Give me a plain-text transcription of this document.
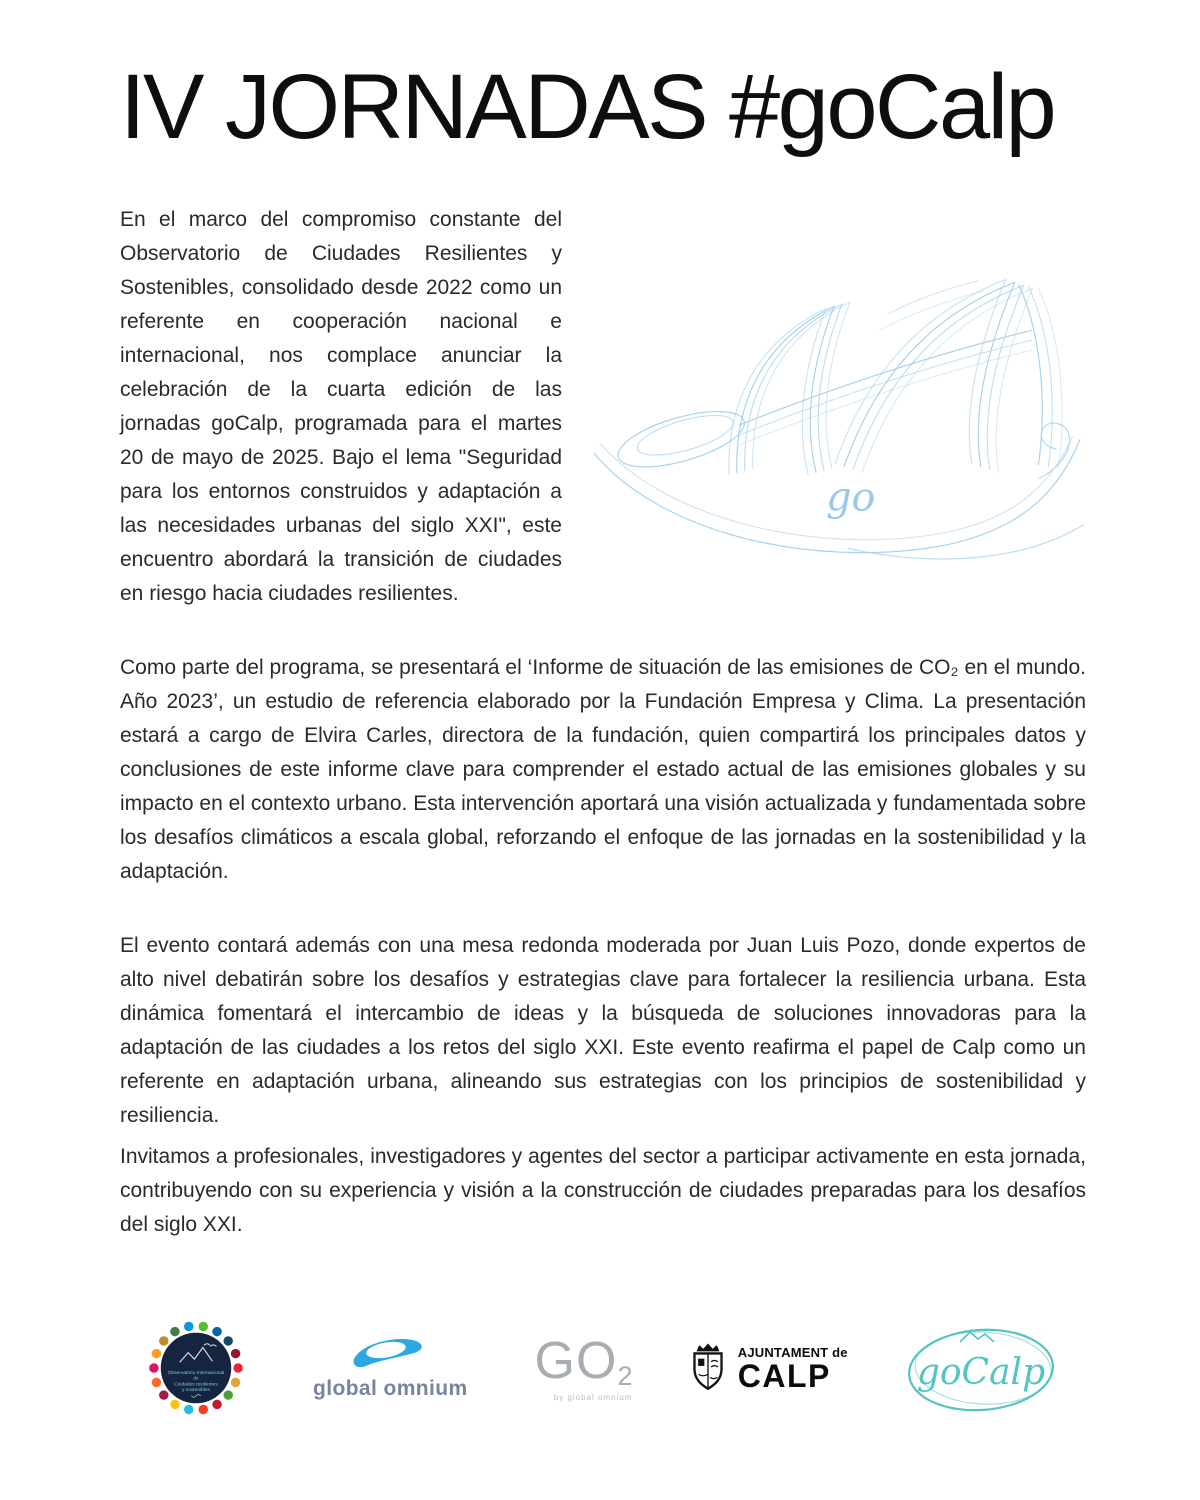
IV JORNADAS #goCalp

En el marco del compromiso constante del Observatorio de Ciudades Resilientes y Sostenibles, consolidado desde 2022 como un referente en cooperación nacional e internacional, nos complace anunciar la celebración de la cuarta edición de las jornadas goCalp, programada para el martes 20 de mayo de 2025. Bajo el lema "Seguridad para los entornos construidos y adaptación a las necesidades urbanas del siglo XXI", este encuentro abordará la transición de ciudades en riesgo hacia ciudades resilientes.

go

Como parte del programa, se presentará el ‘Informe de situación de las emisiones de CO₂ en el mundo. Año 2023’, un estudio de referencia elaborado por la Fundación Empresa y Clima. La presentación estará a cargo de Elvira Carles, directora de la fundación, quien compartirá los principales datos y conclusiones de este informe clave para comprender el estado actual de las emisiones globales y su impacto en el contexto urbano. Esta intervención aportará una visión actualizada y fundamentada sobre los desafíos climáticos a escala global, reforzando el enfoque de las jornadas en la sostenibilidad y la adaptación.

El evento contará además con una mesa redonda moderada por Juan Luis Pozo, donde expertos de alto nivel debatirán sobre los desafíos y estrategias clave para fortalecer la resiliencia urbana. Esta dinámica fomentará el intercambio de ideas y la búsqueda de soluciones innovadoras para la adaptación de las ciudades a los retos del siglo XXI. Este evento reafirma el papel de Calp como un referente en adaptación urbana, alineando sus estrategias con los principios de sostenibilidad y resiliencia.

Invitamos a profesionales, investigadores y agentes del sector a participar activamente en esta jornada, contribuyendo con su experiencia y visión a la construcción de ciudades preparadas para los desafíos del siglo XXI.

Observatorio Internacional
de
Ciudades resilientes
y sostenibles	global omnium GO2
by global omnium
AJUNTAMENT de
CALP	goCalp
